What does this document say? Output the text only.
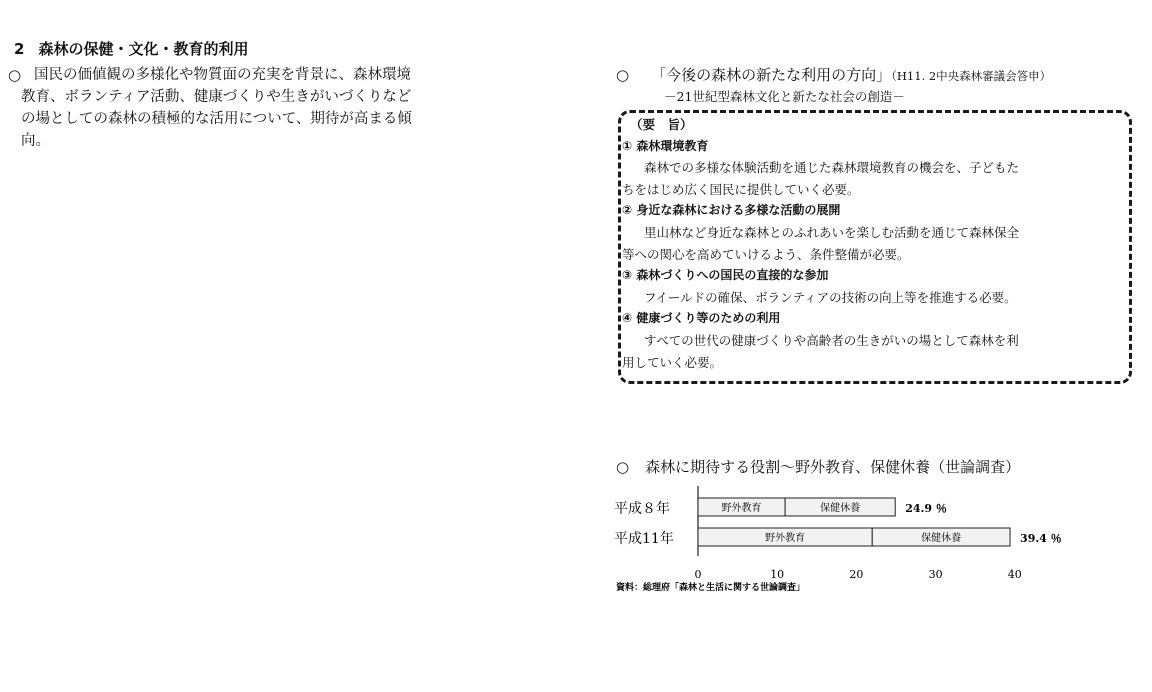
2 森林の保健・文化・教育的利用
○ 国民の価値観の多様化や物質面の充実を背景に、森林環境
教育、ボランティア活動、健康づくりや生きがいづくりなど
の場としての森林の積極的な活用について、期待が高まる傾
向。
○ 「今後の森林の新たな利用の方向」（H11. 2中央森林審議会答申）
－21世紀型森林文化と新たな社会の創造－
（要　旨）
① 森林環境教育
森林での多様な体験活動を通じた森林環境教育の機会を、子どもた
ちをはじめ広く国民に提供していく必要。
② 身近な森林における多様な活動の展開
里山林など身近な森林とのふれあいを楽しむ活動を通じて森林保全
等への関心を高めていけるよう、条件整備が必要。
③ 森林づくりへの国民の直接的な参加
フイールドの確保、ボランティアの技術の向上等を推進する必要。
④ 健康づくり等のための利用
すべての世代の健康づくりや高齢者の生きがいの場として森林を利
用していく必要。
○ 森林に期待する役割～野外教育、保健休養（世論調査）
平成８年	野外教育	保健休養	24.9 ％
平成11年	野外教育	保健休養	39.4 ％
0	10	20	30	40
資料：総理府「森林と生活に関する世論調査」
